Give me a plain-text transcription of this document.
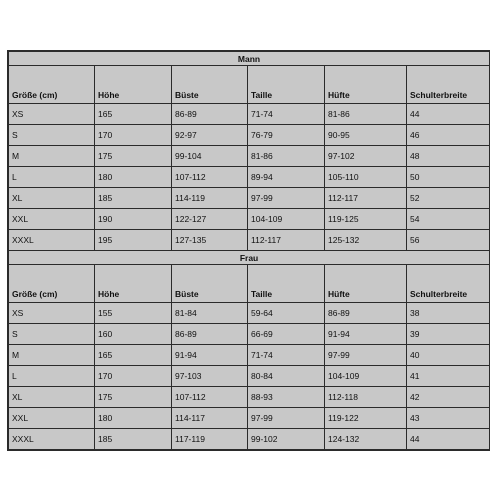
Mann					
Größe (cm)	Höhe	Büste	Taille	Hüfte	Schulterbreite
XS	165	86-89	71-74	81-86	44
S	170	92-97	76-79	90-95	46
M	175	99-104	81-86	97-102	48
L	180	107-112	89-94	105-110	50
XL	185	114-119	97-99	112-117	52
XXL	190	122-127	104-109	119-125	54
XXXL	195	127-135	112-117	125-132	56
Frau					
Größe (cm)	Höhe	Büste	Taille	Hüfte	Schulterbreite
XS	155	81-84	59-64	86-89	38
S	160	86-89	66-69	91-94	39
M	165	91-94	71-74	97-99	40
L	170	97-103	80-84	104-109	41
XL	175	107-112	88-93	112-118	42
XXL	180	114-117	97-99	119-122	43
XXXL	185	117-119	99-102	124-132	44
